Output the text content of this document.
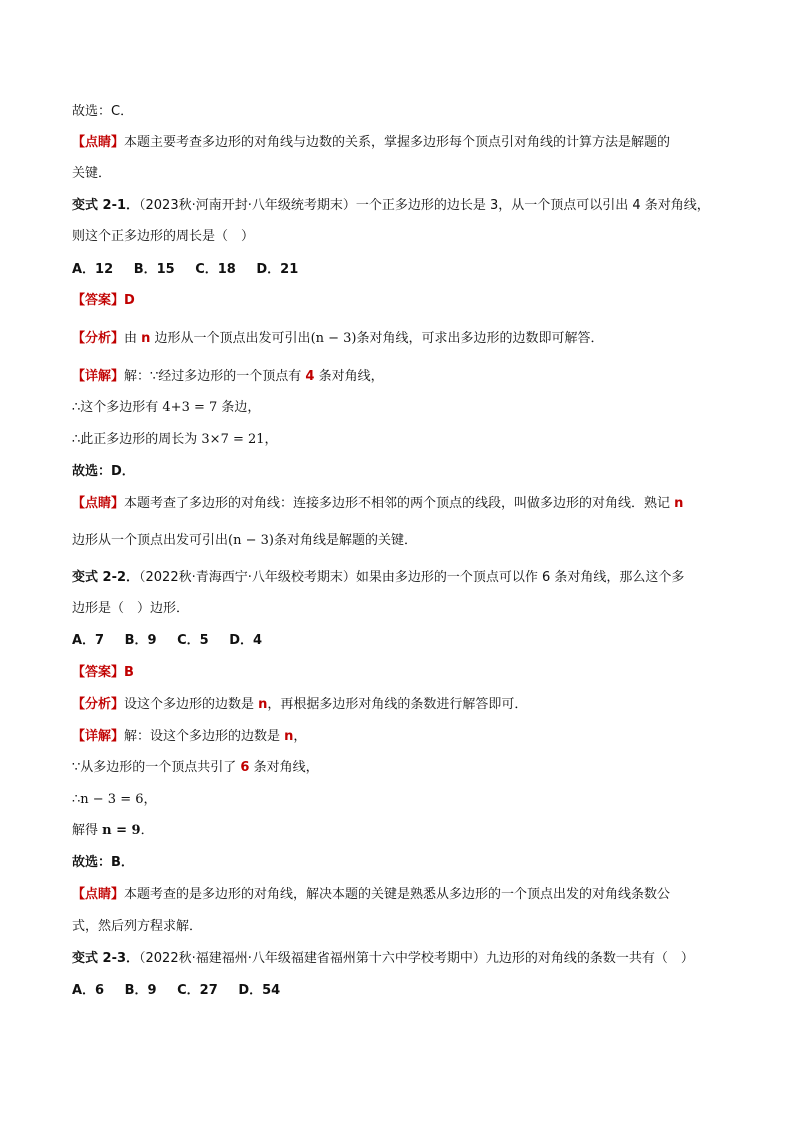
故选：C．
【点睛】本题主要考查多边形的对角线与边数的关系，掌握多边形每个顶点引对角线的计算方法是解题的
关键．
变式 2-1．（2023秋·河南开封·八年级统考期末）一个正多边形的边长是 3，从一个顶点可以引出 4 条对角线，
则这个正多边形的周长是（　）
A．12 B．15 C．18 D．21
【答案】D
【分析】由 n 边形从一个顶点出发可引出(n − 3)条对角线，可求出多边形的边数即可解答．
【详解】解：∵经过多边形的一个顶点有 4 条对角线，
∴这个多边形有 4+3 = 7 条边，
∴此正多边形的周长为 3×7 = 21，
故选：D．
【点睛】本题考查了多边形的对角线：连接多边形不相邻的两个顶点的线段，叫做多边形的对角线．熟记 n
边形从一个顶点出发可引出(n − 3)条对角线是解题的关键．
变式 2-2．（2022秋·青海西宁·八年级校考期末）如果由多边形的一个顶点可以作 6 条对角线，那么这个多
边形是（　）边形．
A．7 B．9 C．5 D．4
【答案】B
【分析】设这个多边形的边数是 n，再根据多边形对角线的条数进行解答即可．
【详解】解：设这个多边形的边数是 n，
∵从多边形的一个顶点共引了 6 条对角线，
∴n − 3 = 6，
解得 n = 9．
故选：B．
【点睛】本题考查的是多边形的对角线，解决本题的关键是熟悉从多边形的一个顶点出发的对角线条数公
式，然后列方程求解．
变式 2-3．（2022秋·福建福州·八年级福建省福州第十六中学校考期中）九边形的对角线的条数一共有（　）
A．6 B．9 C．27 D．54
